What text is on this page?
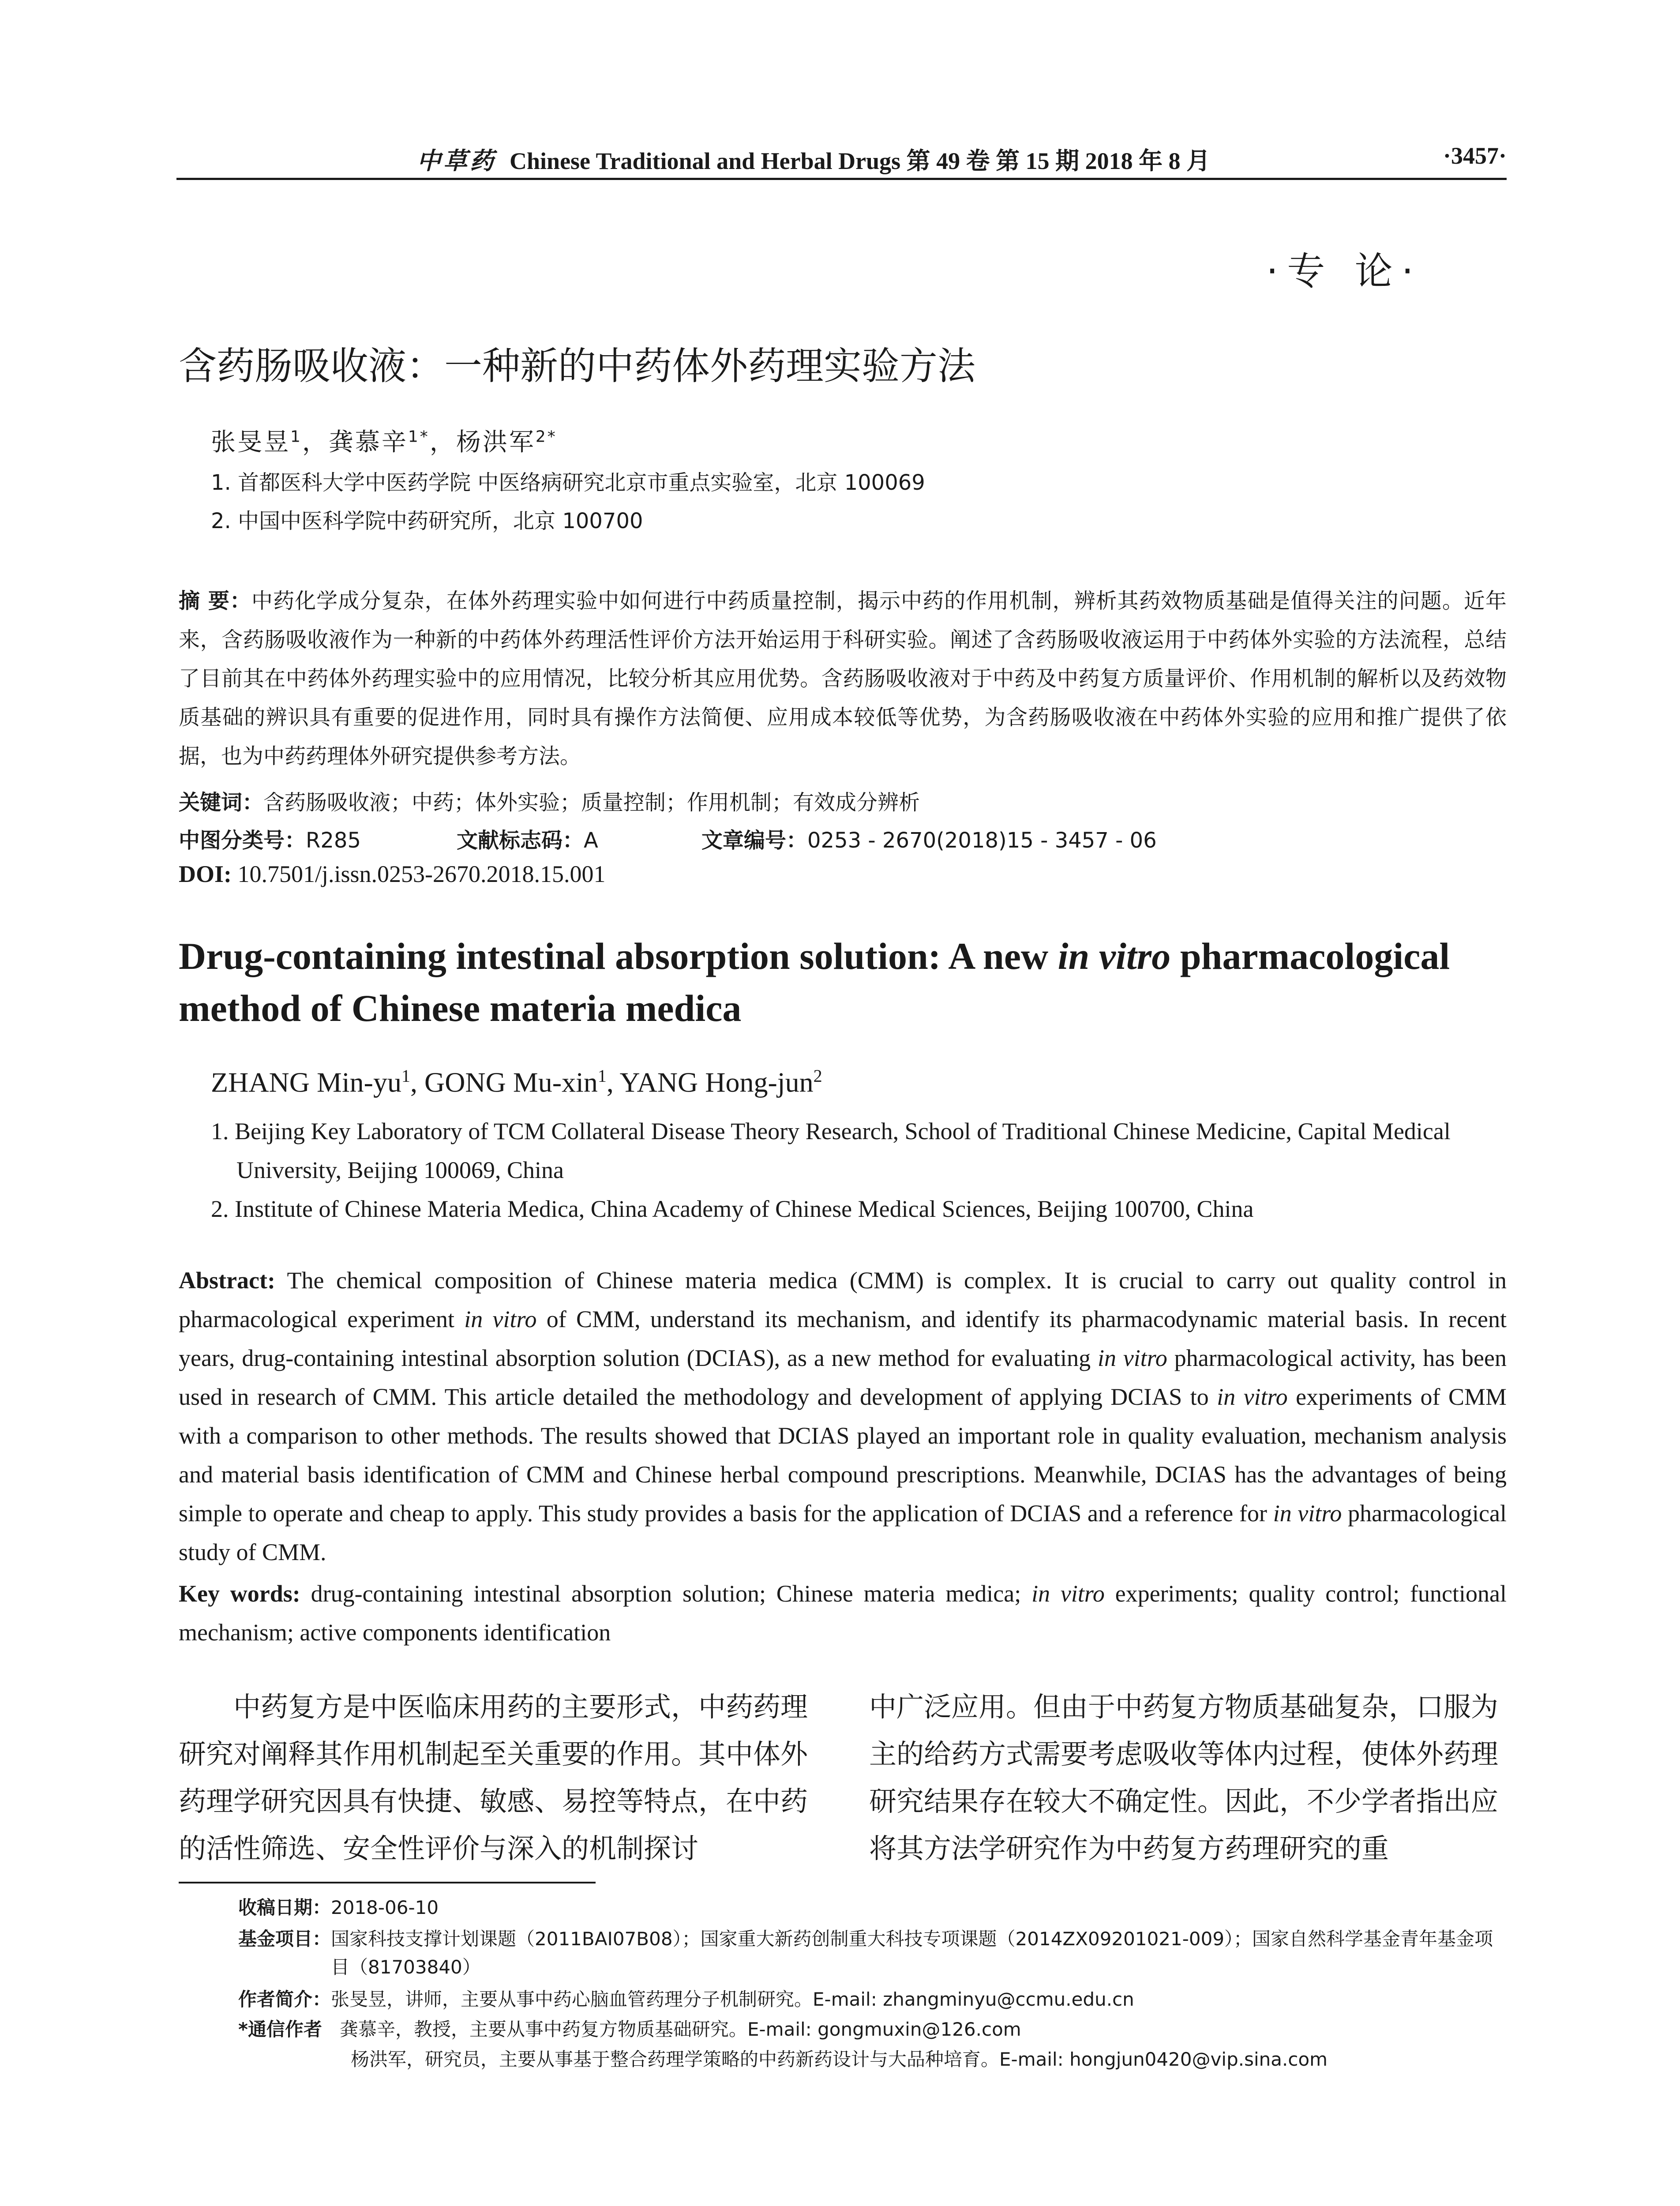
中草药 Chinese Traditional and Herbal Drugs 第 49 卷 第 15 期 2018 年 8 月	·3457·
·专 论·
含药肠吸收液：一种新的中药体外药理实验方法
张旻昱$^1$，龚慕辛$^{1*}$，杨洪军$^{2*}$
1. 首都医科大学中医药学院 中医络病研究北京市重点实验室，北京 100069
2. 中国中医科学院中药研究所，北京 100700
摘 要：中药化学成分复杂，在体外药理实验中如何进行中药质量控制，揭示中药的作用机制，辨析其药效物质基础是值得关注的问题。近年来，含药肠吸收液作为一种新的中药体外药理活性评价方法开始运用于科研实验。阐述了含药肠吸收液运用于中药体外实验的方法流程，总结了目前其在中药体外药理实验中的应用情况，比较分析其应用优势。含药肠吸收液对于中药及中药复方质量评价、作用机制的解析以及药效物质基础的辨识具有重要的促进作用，同时具有操作方法简便、应用成本较低等优势，为含药肠吸收液在中药体外实验的应用和推广提供了依据，也为中药药理体外研究提供参考方法。
关键词：含药肠吸收液；中药；体外实验；质量控制；作用机制；有效成分辨析
中图分类号：R285	文献标志码：A	文章编号：0253 - 2670(2018)15 - 3457 - 06
DOI: 10.7501/j.issn.0253-2670.2018.15.001
Drug-containing intestinal absorption solution: A new in vitro pharmacological method of Chinese materia medica
ZHANG Min-$yu^1$, GONG Mu-xin$^1$, YANG Hong-jun$^2$
1. Beijing Key Laboratory of TCM Collateral Disease Theory Research, School of Traditional Chinese Medicine, Capital Medical
University, Beijing 100069, China
2. Institute of Chinese Materia Medica, China Academy of Chinese Medical Sciences, Beijing 100700, China
Abstract: The chemical composition of Chinese materia medica (CMM) is complex. It is crucial to carry out quality control in pharmacological experiment in vitro of CMM, understand its mechanism, and identify its pharmacodynamic material basis. In recent years, drug-containing intestinal absorption solution (DCIAS), as a new method for evaluating in vitro pharmacological activity, has been used in research of CMM. This article detailed the methodology and development of applying DCIAS to in vitro experiments of CMM with a comparison to other methods. The results showed that DCIAS played an important role in quality evaluation, mechanism analysis and material basis identification of CMM and Chinese herbal compound prescriptions. Meanwhile, DCIAS has the advantages of being simple to operate and cheap to apply. This study provides a basis for the application of DCIAS and a reference for in vitro pharmacological study of CMM.
Key words: drug-containing intestinal absorption solution; Chinese materia medica; in vitro experiments; quality control; functional mechanism; active components identification
中药复方是中医临床用药的主要形式，中药药理研究对阐释其作用机制起至关重要的作用。其中体外药理学研究因具有快捷、敏感、易控等特点，在中药的活性筛选、安全性评价与深入的机制探讨
中广泛应用。但由于中药复方物质基础复杂，口服为主的给药方式需要考虑吸收等体内过程，使体外药理研究结果存在较大不确定性。因此，不少学者指出应将其方法学研究作为中药复方药理研究的重
收稿日期：2018-06-10
基金项目：国家科技支撑计划课题（2011BAI07B08）；国家重大新药创制重大科技专项课题（2014ZX09201021-009）；国家自然科学基金青年基金项目（81703840）
作者简介：张旻昱，讲师，主要从事中药心脑血管药理分子机制研究。E-mail: zhangminyu@ccmu.edu.cn
*通信作者 龚慕辛，教授，主要从事中药复方物质基础研究。E-mail: gongmuxin@126.com
杨洪军，研究员，主要从事基于整合药理学策略的中药新药设计与大品种培育。E-mail: hongjun0420@vip.sina.com
